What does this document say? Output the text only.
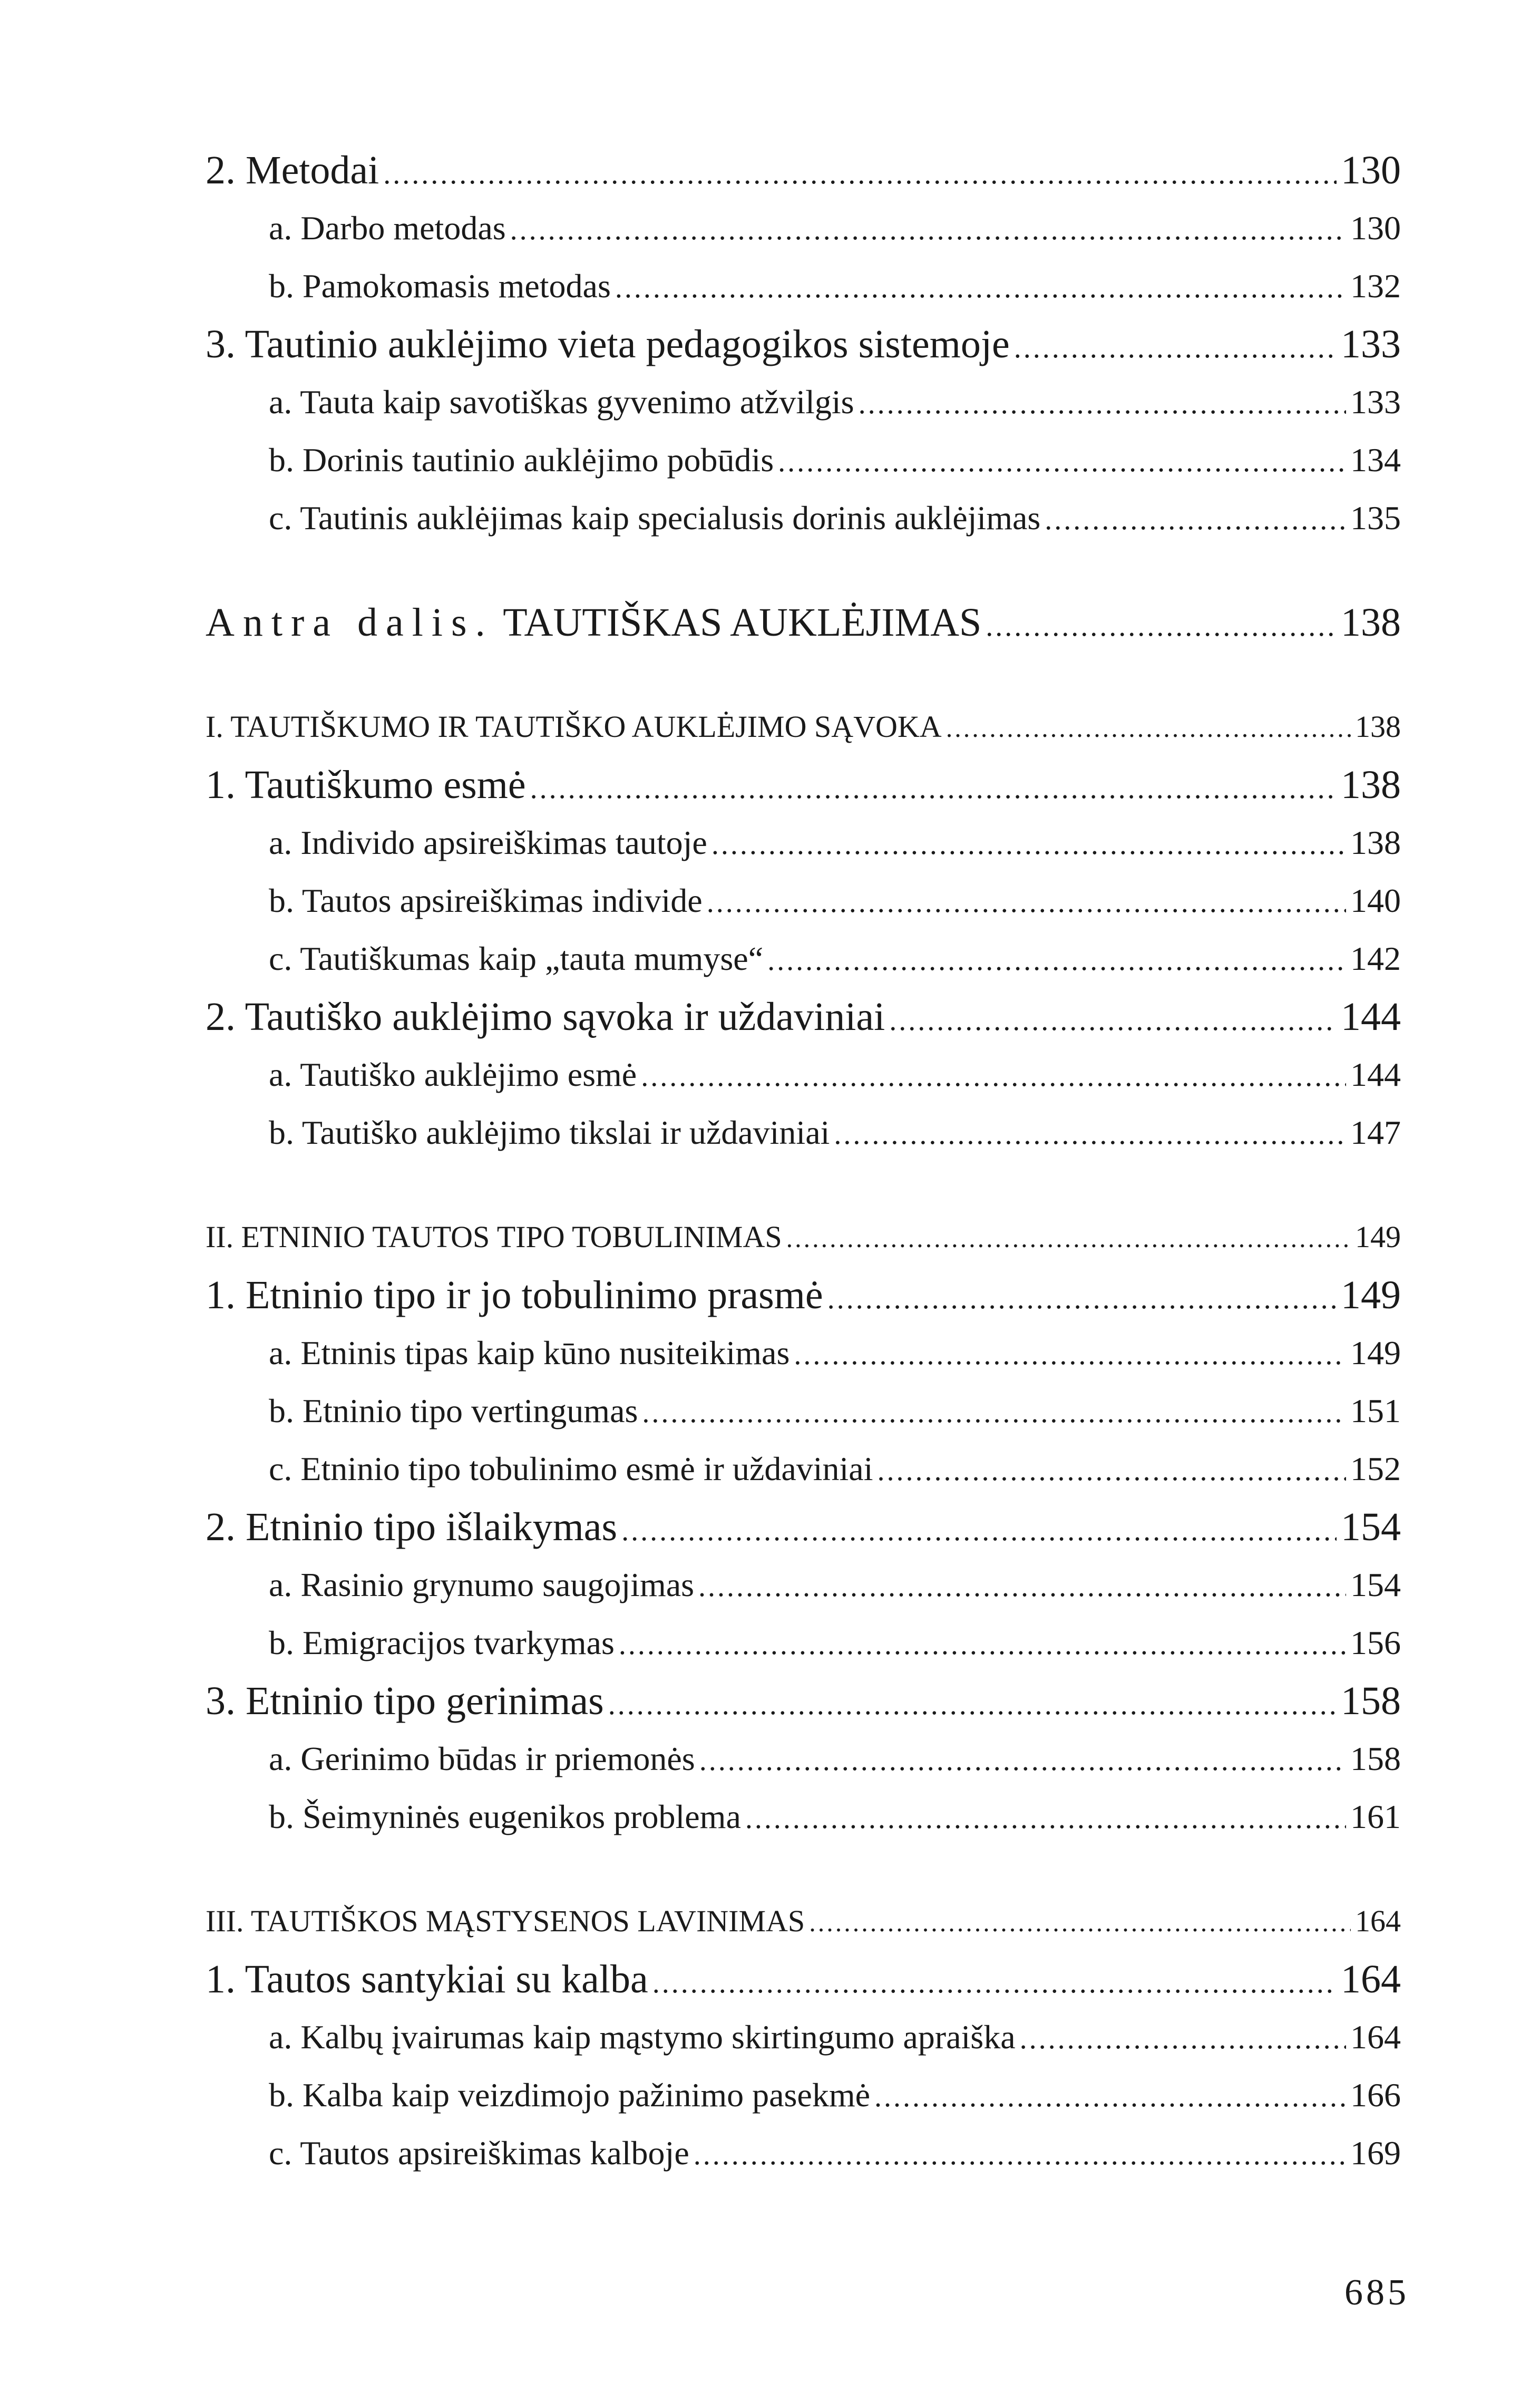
2. Metodai .....	130
a. Darbo metodas .....	130
b. Pamokomasis metodas .....	132
3. Tautinio auklėjimo vieta pedagogikos sistemoje .....	133
a. Tauta kaip savotiškas gyvenimo atžvilgis .....	133
b. Dorinis tautinio auklėjimo pobūdis .....	134
c. Tautinis auklėjimas kaip specialusis dorinis auklėjimas .....	135
Antra dalis. TAUTIŠKAS AUKLĖJIMAS .....	138
I. TAUTIŠKUMO IR TAUTIŠKO AUKLĖJIMO SĄVOKA .....	138
1. Tautiškumo esmė .....	138
a. Individo apsireiškimas tautoje .....	138
b. Tautos apsireiškimas individe .....	140
c. Tautiškumas kaip „tauta mumyse“ .....	142
2. Tautiško auklėjimo sąvoka ir uždaviniai .....	144
a. Tautiško auklėjimo esmė .....	144
b. Tautiško auklėjimo tikslai ir uždaviniai .....	147
II. ETNINIO TAUTOS TIPO TOBULINIMAS .....	149
1. Etninio tipo ir jo tobulinimo prasmė .....	149
a. Etninis tipas kaip kūno nusiteikimas .....	149
b. Etninio tipo vertingumas .....	151
c. Etninio tipo tobulinimo esmė ir uždaviniai .....	152
2. Etninio tipo išlaikymas .....	154
a. Rasinio grynumo saugojimas .....	154
b. Emigracijos tvarkymas .....	156
3. Etninio tipo gerinimas .....	158
a. Gerinimo būdas ir priemonės .....	158
b. Šeimyninės eugenikos problema .....	161
III. TAUTIŠKOS MĄSTYSENOS LAVINIMAS .....	164
1. Tautos santykiai su kalba .....	164
a. Kalbų įvairumas kaip mąstymo skirtingumo apraiška .....	164
b. Kalba kaip veizdimojo pažinimo pasekmė .....	166
c. Tautos apsireiškimas kalboje .....	169
685
